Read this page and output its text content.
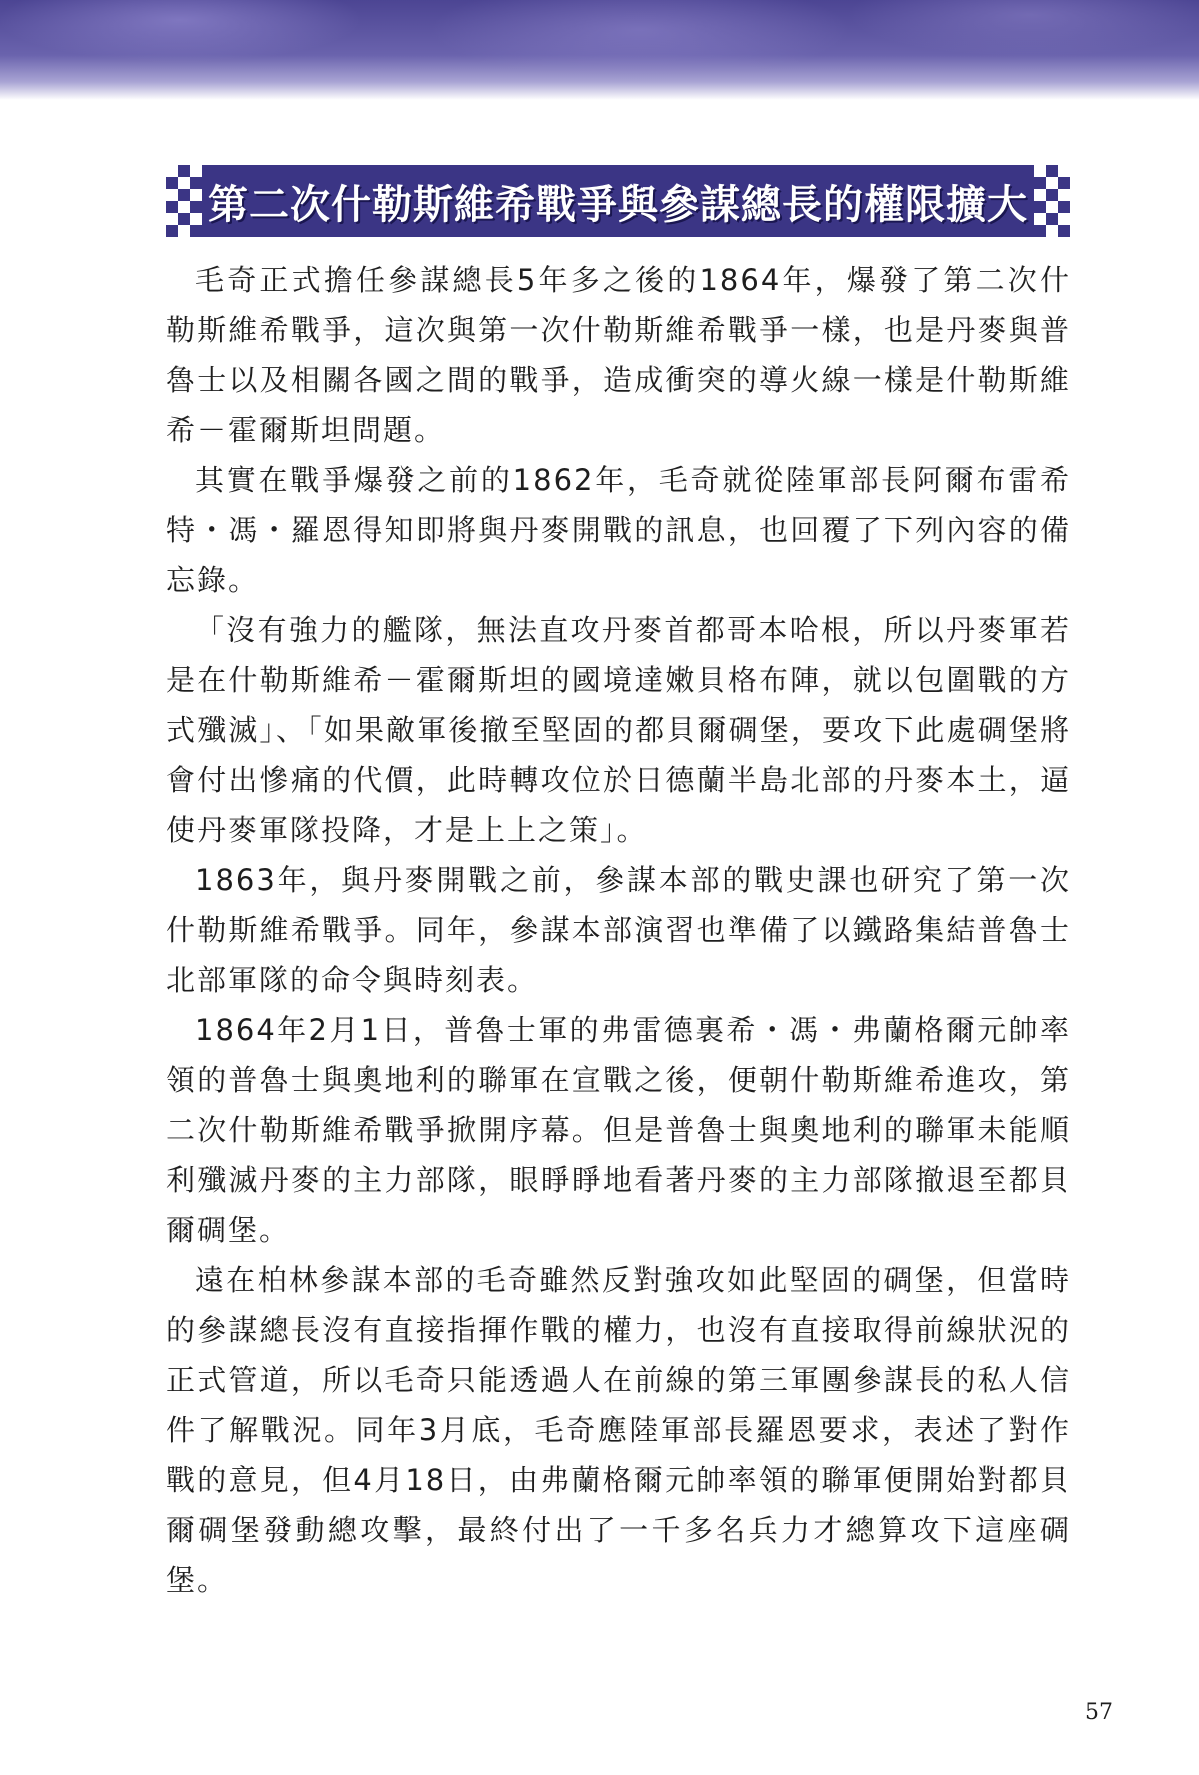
第二次什勒斯維希戰爭與參謀總長的權限擴大

毛奇正式擔任參謀總長5年多之後的1864年，爆發了第二次什勒斯維希戰爭，這次與第一次什勒斯維希戰爭一樣，也是丹麥與普魯士以及相關各國之間的戰爭，造成衝突的導火線一樣是什勒斯維希－霍爾斯坦問題。

其實在戰爭爆發之前的1862年，毛奇就從陸軍部長阿爾布雷希特・馮・羅恩得知即將與丹麥開戰的訊息，也回覆了下列內容的備忘錄。

「沒有強力的艦隊，無法直攻丹麥首都哥本哈根，所以丹麥軍若是在什勒斯維希－霍爾斯坦的國境達嫩貝格布陣，就以包圍戰的方式殲滅」、「如果敵軍後撤至堅固的都貝爾碉堡，要攻下此處碉堡將會付出慘痛的代價，此時轉攻位於日德蘭半島北部的丹麥本土，逼使丹麥軍隊投降，才是上上之策」。

1863年，與丹麥開戰之前，參謀本部的戰史課也研究了第一次什勒斯維希戰爭。同年，參謀本部演習也準備了以鐵路集結普魯士北部軍隊的命令與時刻表。

1864年2月1日，普魯士軍的弗雷德裏希・馮・弗蘭格爾元帥率領的普魯士與奧地利的聯軍在宣戰之後，便朝什勒斯維希進攻，第二次什勒斯維希戰爭掀開序幕。但是普魯士與奧地利的聯軍未能順利殲滅丹麥的主力部隊，眼睜睜地看著丹麥的主力部隊撤退至都貝爾碉堡。

遠在柏林參謀本部的毛奇雖然反對強攻如此堅固的碉堡，但當時的參謀總長沒有直接指揮作戰的權力，也沒有直接取得前線狀況的正式管道，所以毛奇只能透過人在前線的第三軍團參謀長的私人信件了解戰況。同年3月底，毛奇應陸軍部長羅恩要求，表述了對作戰的意見，但4月18日，由弗蘭格爾元帥率領的聯軍便開始對都貝爾碉堡發動總攻擊，最終付出了一千多名兵力才總算攻下這座碉堡。

57
